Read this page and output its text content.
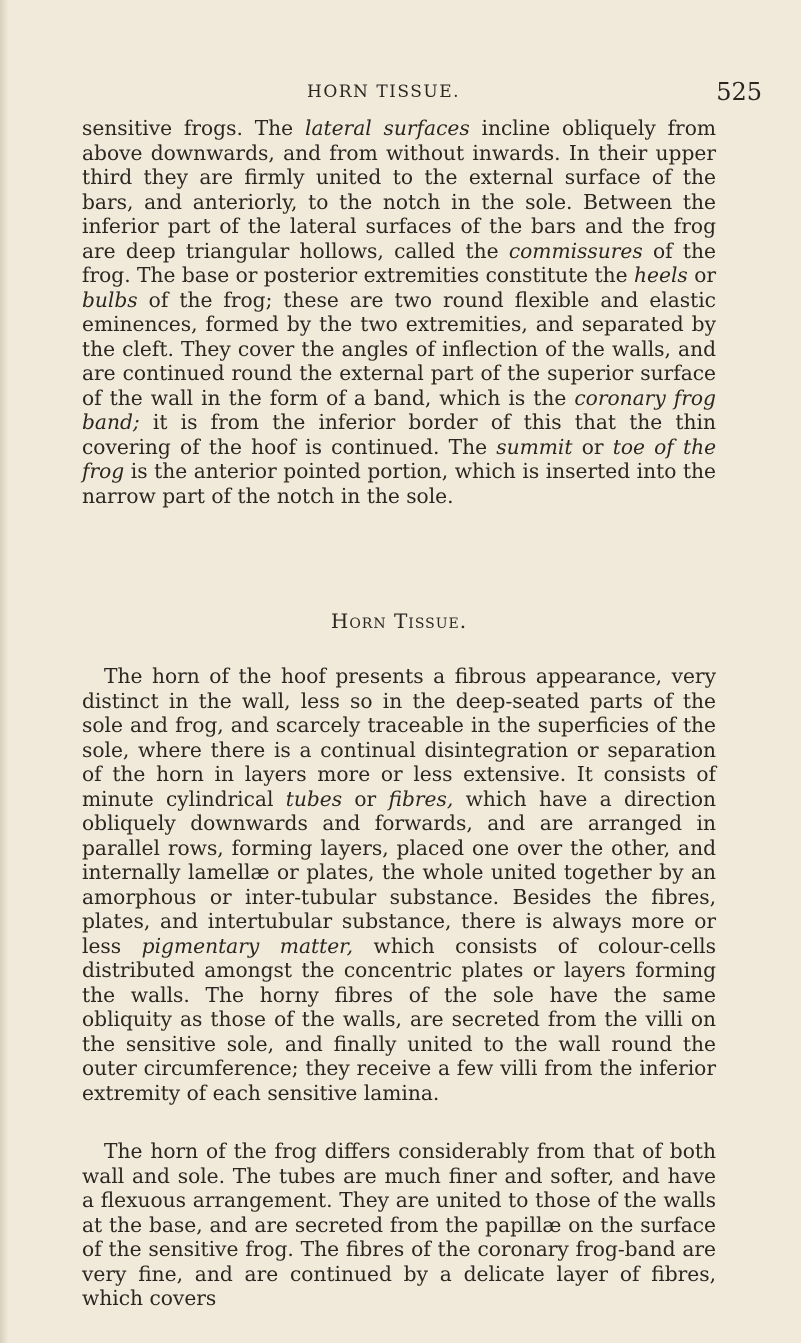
HORN TISSUE.	525

sensitive frogs. The lateral surfaces incline obliquely from above downwards, and from without inwards. In their upper third they are firmly united to the external surface of the bars, and anteriorly, to the notch in the sole. Between the inferior part of the lateral surfaces of the bars and the frog are deep triangular hollows, called the commissures of the frog. The base or posterior extremities constitute the heels or bulbs of the frog; these are two round flexible and elastic eminences, formed by the two extremities, and separated by the cleft. They cover the angles of inflection of the walls, and are continued round the external part of the superior surface of the wall in the form of a band, which is the coronary frog band; it is from the inferior border of this that the thin covering of the hoof is continued. The summit or toe of the frog is the anterior pointed portion, which is inserted into the narrow part of the notch in the sole.

Horn Tissue.

The horn of the hoof presents a fibrous appearance, very distinct in the wall, less so in the deep-seated parts of the sole and frog, and scarcely traceable in the superficies of the sole, where there is a continual disintegration or separation of the horn in layers more or less extensive. It consists of minute cylindrical tubes or fibres, which have a direction obliquely downwards and forwards, and are arranged in parallel rows, forming layers, placed one over the other, and internally lamellæ or plates, the whole united together by an amorphous or inter-tubular substance. Besides the fibres, plates, and intertubular substance, there is always more or less pigmentary matter, which consists of colour-cells distributed amongst the concentric plates or layers forming the walls. The horny fibres of the sole have the same obliquity as those of the walls, are secreted from the villi on the sensitive sole, and finally united to the wall round the outer circumference; they receive a few villi from the inferior extremity of each sensitive lamina.

The horn of the frog differs considerably from that of both wall and sole. The tubes are much finer and softer, and have a flexuous arrangement. They are united to those of the walls at the base, and are secreted from the papillæ on the surface of the sensitive frog. The fibres of the coronary frog-band are very fine, and are continued by a delicate layer of fibres, which covers
